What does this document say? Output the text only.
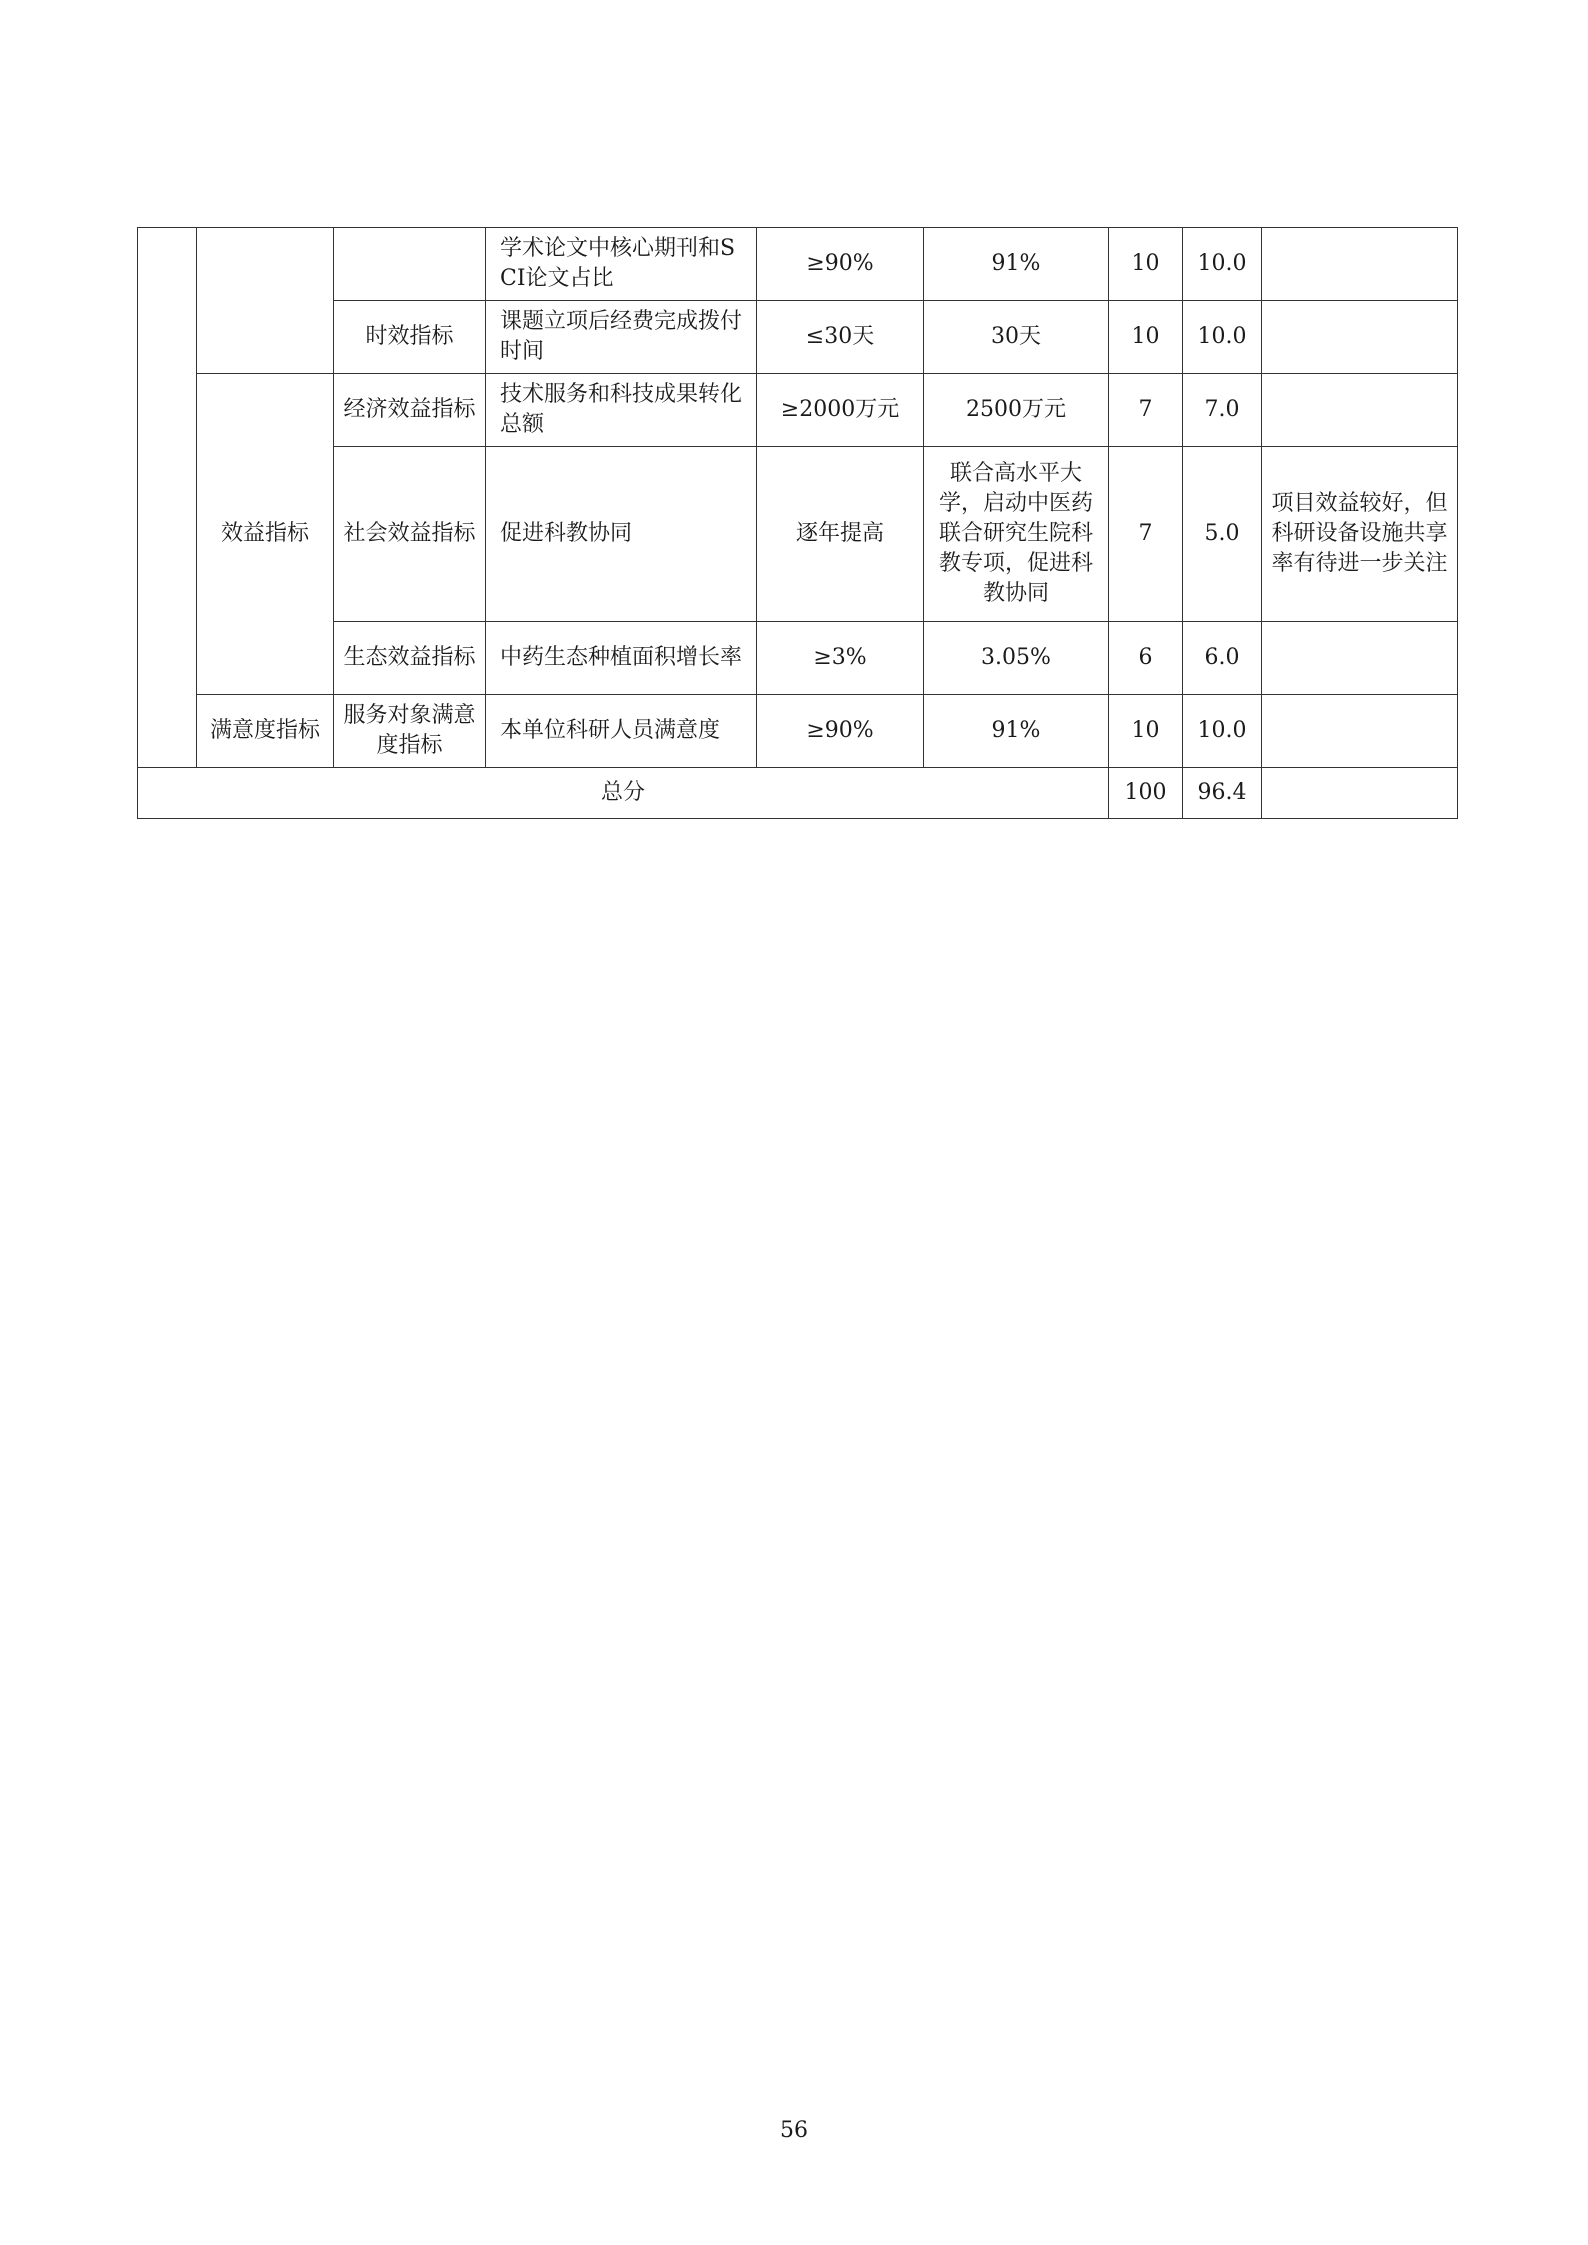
			学术论文中核心期刊和SCI论文占比	≥90%	91%	10	10.0	
		时效指标	课题立项后经费完成拨付时间	≤30天	30天	10	10.0	
	效益指标	经济效益指标	技术服务和科技成果转化总额	≥2000万元	2500万元	7	7.0	
		社会效益指标	促进科教协同	逐年提高	联合高水平大学，启动中医药联合研究生院科教专项，促进科教协同	7	5.0	项目效益较好，但科研设备设施共享率有待进一步关注
		生态效益指标	中药生态种植面积增长率	≥3%	3.05%	6	6.0	
	满意度指标	服务对象满意度指标	本单位科研人员满意度	≥90%	91%	10	10.0	
总分						100	96.4	
56
